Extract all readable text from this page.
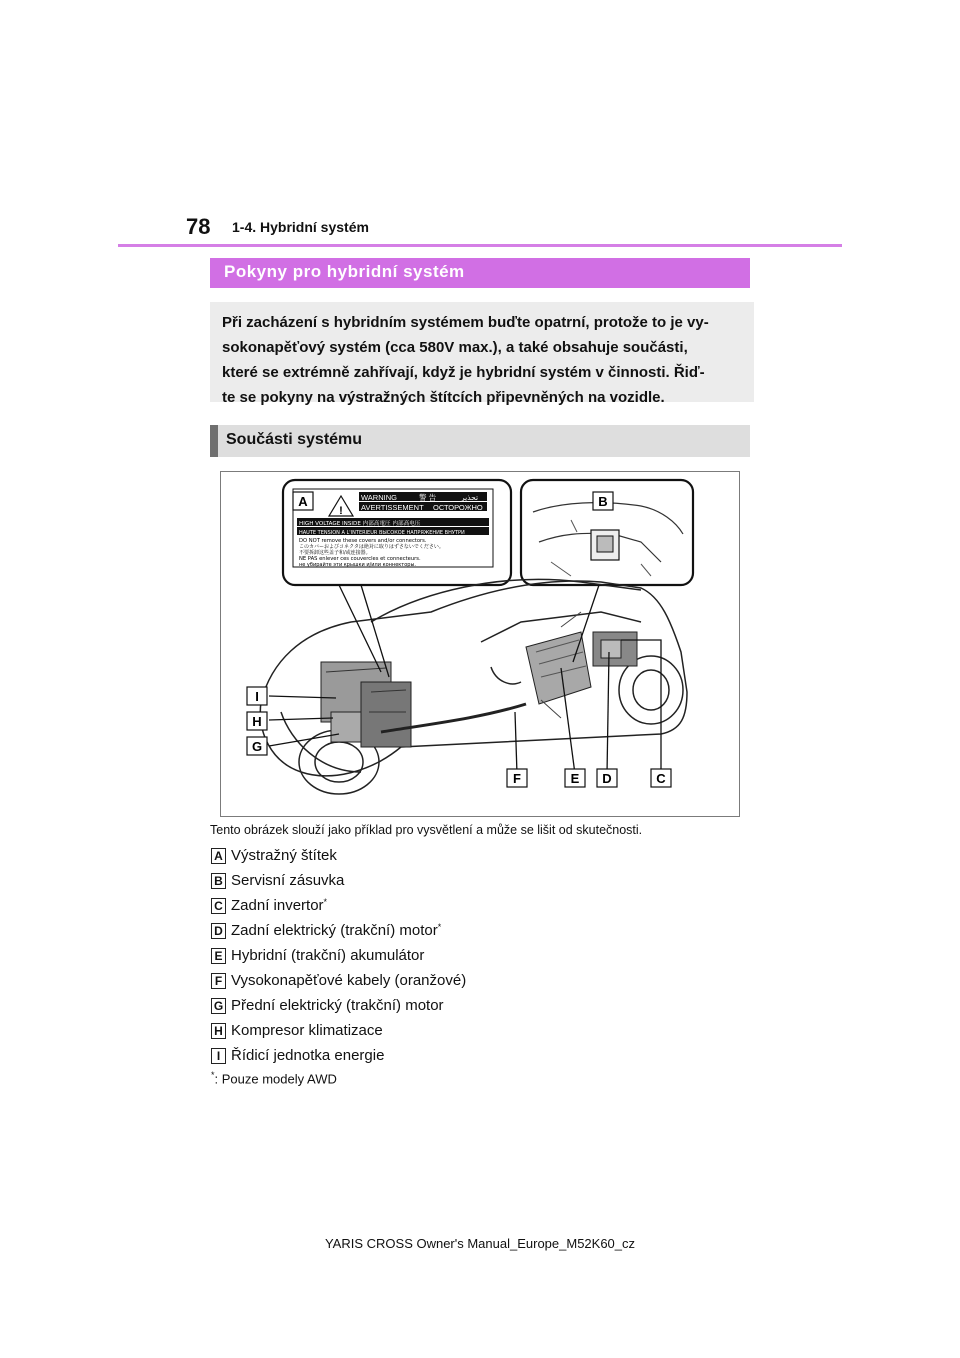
78 1-4. Hybridní systém
Pokyny pro hybridní systém
Při zacházení s hybridním systémem buďte opatrní, protože to je vy-
sokonapěťový systém (cca 580V max.), a také obsahuje součásti,
které se extrémně zahřívají, když je hybridní systém v činnosti. Řiď-
te se pokyny na výstražných štítcích připevněných na vozidle.
Součásti systému
!
WARNING	警 告	تحذير
AVERTISSEMENT ОСТОРОЖНО
HIGH VOLTAGE INSIDE 内部高電圧 内部高电压
HAUTE TENSION A L'INTERIEUR ВЫСОКОЕ НАПРЯЖЕНИЕ ВНУТРИ
DO NOT remove these covers and/or connectors.
このカバーおよびコネクタは絶対に取りはずさないでください。
不要拆卸这些盖子和/或连接器。
NE PAS enlever ces couvercles et connecteurs.
не убирайте эти крышки и/или коннекторы.
A	B
I
H
G
F	E D	C
Tento obrázek slouží jako příklad pro vysvětlení a může se lišit od skutečnosti.
A Výstražný štítek
B Servisní zásuvka
C Zadní invertor*
D Zadní elektrický (trakční) motor*
E Hybridní (trakční) akumulátor
F Vysokonapěťové kabely (oranžové)
G Přední elektrický (trakční) motor
H Kompresor klimatizace
I Řídicí jednotka energie
*: Pouze modely AWD
YARIS CROSS Owner's Manual_Europe_M52K60_cz
